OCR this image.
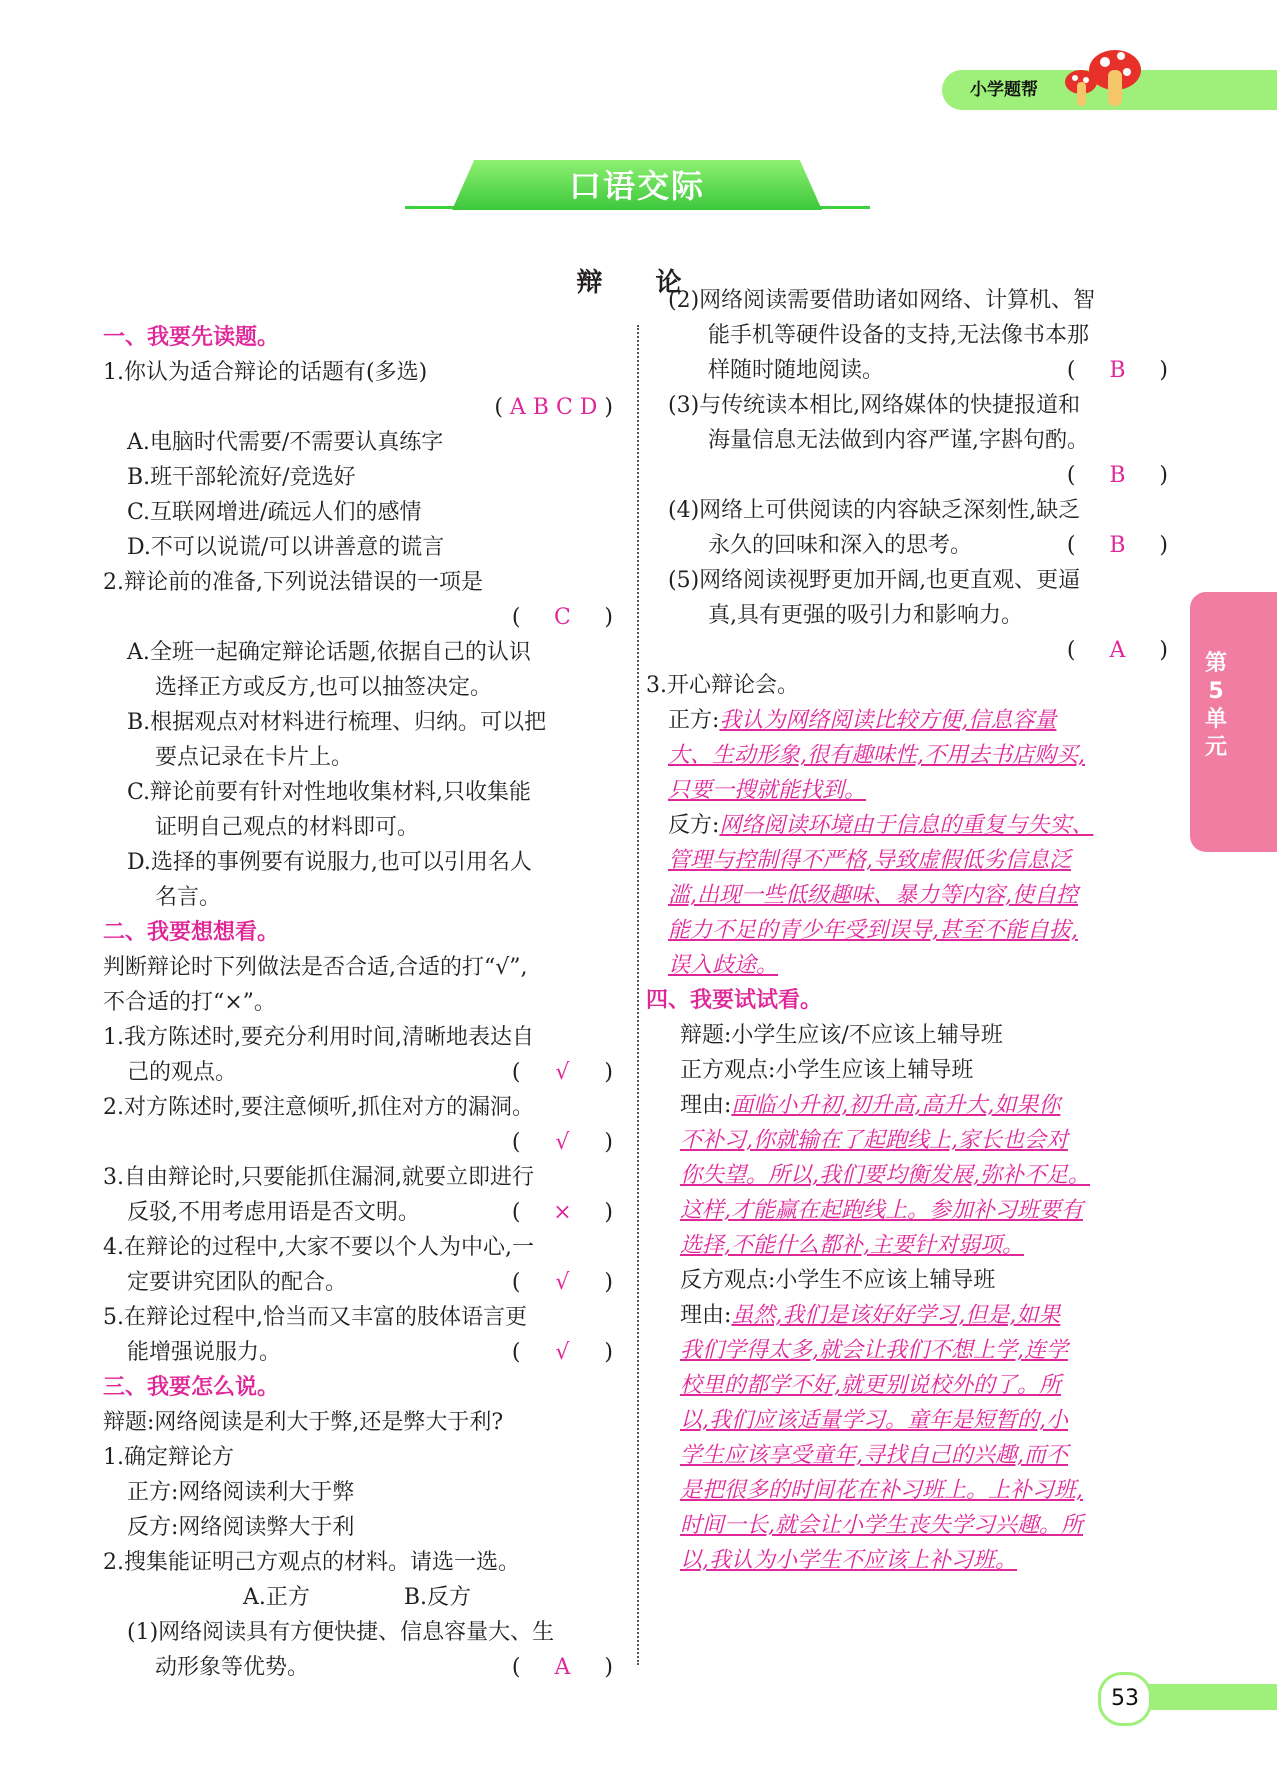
小学题帮
口语交际
辩 论
一、我要先读题。
1.你认为适合辩论的话题有(多选)
( A B C D )
A.电脑时代需要/不需要认真练字
B.班干部轮流好/竞选好
C.互联网增进/疏远人们的感情
D.不可以说谎/可以讲善意的谎言
2.辩论前的准备,下列说法错误的一项是
( C )
A.全班一起确定辩论话题,依据自己的认识
选择正方或反方,也可以抽签决定。
B.根据观点对材料进行梳理、归纳。可以把
要点记录在卡片上。
C.辩论前要有针对性地收集材料,只收集能
证明自己观点的材料即可。
D.选择的事例要有说服力,也可以引用名人
名言。
二、我要想想看。
判断辩论时下列做法是否合适,合适的打“√”,
不合适的打“×”。
1.我方陈述时,要充分利用时间,清晰地表达自
己的观点。	( √ )
2.对方陈述时,要注意倾听,抓住对方的漏洞。
( √ )
3.自由辩论时,只要能抓住漏洞,就要立即进行
反驳,不用考虑用语是否文明。	( × )
4.在辩论的过程中,大家不要以个人为中心,一
定要讲究团队的配合。	( √ )
5.在辩论过程中,恰当而又丰富的肢体语言更
能增强说服力。	( √ )
三、我要怎么说。
辩题:网络阅读是利大于弊,还是弊大于利?
1.确定辩论方
正方:网络阅读利大于弊
反方:网络阅读弊大于利
2.搜集能证明己方观点的材料。请选一选。
A.正方	B.反方
(1)网络阅读具有方便快捷、信息容量大、生
动形象等优势。	( A )
(2)网络阅读需要借助诸如网络、计算机、智
能手机等硬件设备的支持,无法像书本那
样随时随地阅读。	( B )
(3)与传统读本相比,网络媒体的快捷报道和
海量信息无法做到内容严谨,字斟句酌。
( B )
(4)网络上可供阅读的内容缺乏深刻性,缺乏
永久的回味和深入的思考。	( B )
(5)网络阅读视野更加开阔,也更直观、更逼
真,具有更强的吸引力和影响力。
( A )
3.开心辩论会。
正方:我认为网络阅读比较方便,信息容量
大、生动形象,很有趣味性,不用去书店购买,
只要一搜就能找到。
反方:网络阅读环境由于信息的重复与失实、
管理与控制得不严格,导致虚假低劣信息泛
滥,出现一些低级趣味、暴力等内容,使自控
能力不足的青少年受到误导,甚至不能自拔,
误入歧途。
四、我要试试看。
辩题:小学生应该/不应该上辅导班
正方观点:小学生应该上辅导班
理由:面临小升初,初升高,高升大,如果你
不补习,你就输在了起跑线上,家长也会对
你失望。所以,我们要均衡发展,弥补不足。
这样,才能赢在起跑线上。参加补习班要有
选择,不能什么都补,主要针对弱项。
反方观点:小学生不应该上辅导班
理由:虽然,我们是该好好学习,但是,如果
我们学得太多,就会让我们不想上学,连学
校里的都学不好,就更别说校外的了。所
以,我们应该适量学习。童年是短暂的,小
学生应该享受童年,寻找自己的兴趣,而不
是把很多的时间花在补习班上。上补习班,
时间一长,就会让小学生丧失学习兴趣。所
以,我认为小学生不应该上补习班。
第
5
单
元
53
